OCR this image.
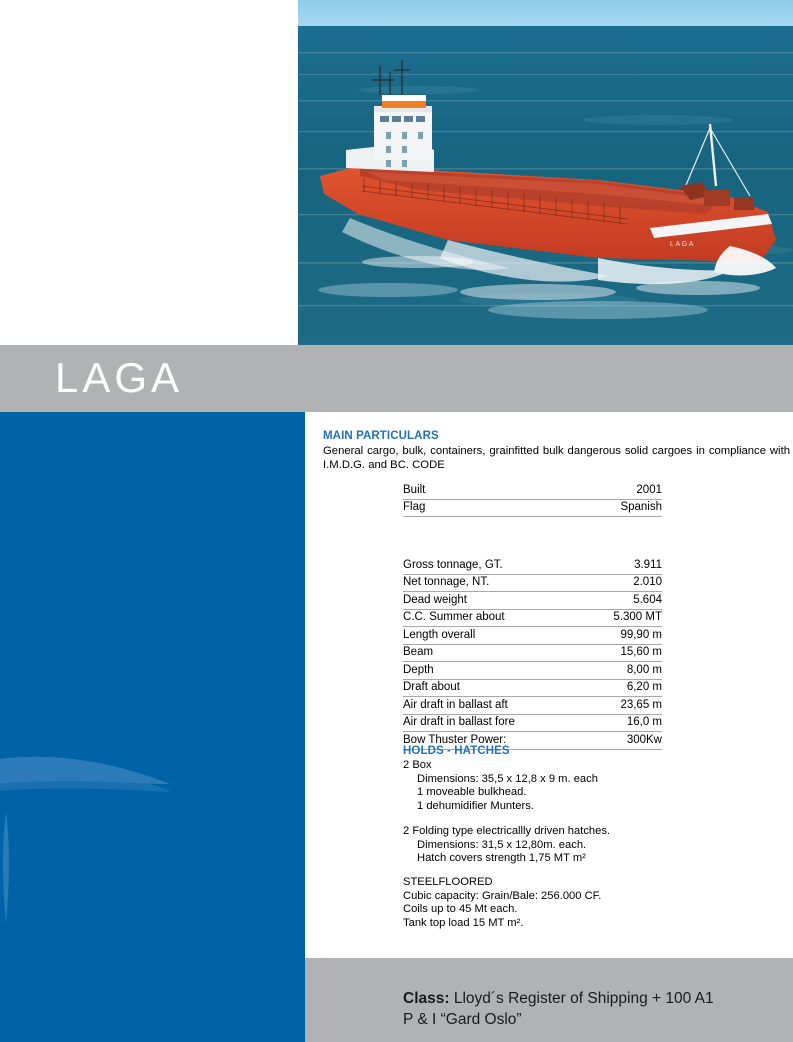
LAGA
LAGA
MAIN PARTICULARS

General cargo, bulk, containers, grainfitted bulk dangerous solid cargoes in compliance with I.M.D.G. and BC. CODE

Built	2001
Flag	Spanish
Gross tonnage, GT.	3.911
Net tonnage, NT.	2.010
Dead weight	5.604
C.C. Summer about	5.300 MT
Length overall	99,90 m
Beam	15,60 m
Depth	8,00 m
Draft about	6,20 m
Air draft in ballast aft	23,65 m
Air draft in ballast fore	16,0 m
Bow Thuster Power:	300Kw
HOLDS - HATCHES

2 Box

Dimensions: 35,5 x 12,8 x 9 m. each

1 moveable bulkhead.

1 dehumidifier Munters.

2 Folding type electricallly driven hatches.

Dimensions: 31,5 x 12,80m. each.

Hatch covers strength 1,75 MT m²

STEELFLOORED

Cubic capacity: Grain/Bale: 256.000 CF.

Coils up to 45 Mt each.

Tank top load 15 MT m².

Class: Lloyd´s Register of Shipping + 100 A1
P & I “Gard Oslo”
